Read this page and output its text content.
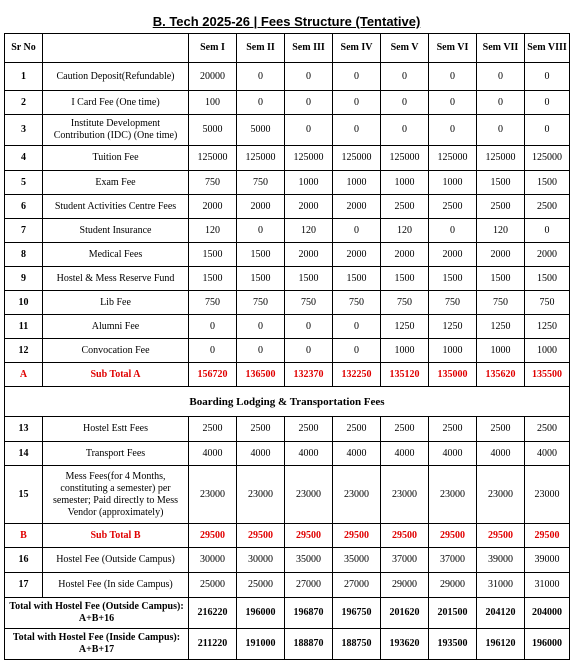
B. Tech 2025-26 | Fees Structure (Tentative)
Sr No		Sem I	Sem II	Sem III	Sem IV	Sem V	Sem VI	Sem VII	Sem VIII
1	Caution Deposit(Refundable)	20000	0	0	0	0	0	0	0
2	I Card Fee (One time)	100	0	0	0	0	0	0	0
3	Institute Development Contribution (IDC) (One time)	5000	5000	0	0	0	0	0	0
4	Tuition Fee	125000	125000	125000	125000	125000	125000	125000	125000
5	Exam Fee	750	750	1000	1000	1000	1000	1500	1500
6	Student Activities Centre Fees	2000	2000	2000	2000	2500	2500	2500	2500
7	Student Insurance	120	0	120	0	120	0	120	0
8	Medical Fees	1500	1500	2000	2000	2000	2000	2000	2000
9	Hostel & Mess Reserve Fund	1500	1500	1500	1500	1500	1500	1500	1500
10	Lib Fee	750	750	750	750	750	750	750	750
11	Alumni Fee	0	0	0	0	1250	1250	1250	1250
12	Convocation Fee	0	0	0	0	1000	1000	1000	1000
A	Sub Total A	156720	136500	132370	132250	135120	135000	135620	135500
Boarding Lodging & Transportation Fees									
13	Hostel Estt Fees	2500	2500	2500	2500	2500	2500	2500	2500
14	Transport Fees	4000	4000	4000	4000	4000	4000	4000	4000
15	Mess Fees(for 4 Months, constituting a semester) per semester; Paid directly to Mess Vendor (approximately)	23000	23000	23000	23000	23000	23000	23000	23000
B	Sub Total B	29500	29500	29500	29500	29500	29500	29500	29500
16	Hostel Fee (Outside Campus)	30000	30000	35000	35000	37000	37000	39000	39000
17	Hostel Fee (In side Campus)	25000	25000	27000	27000	29000	29000	31000	31000
Total with Hostel Fee (Outside Campus): A+B+16		216220	196000	196870	196750	201620	201500	204120	204000
Total with Hostel Fee (Inside Campus): A+B+17		211220	191000	188870	188750	193620	193500	196120	196000
